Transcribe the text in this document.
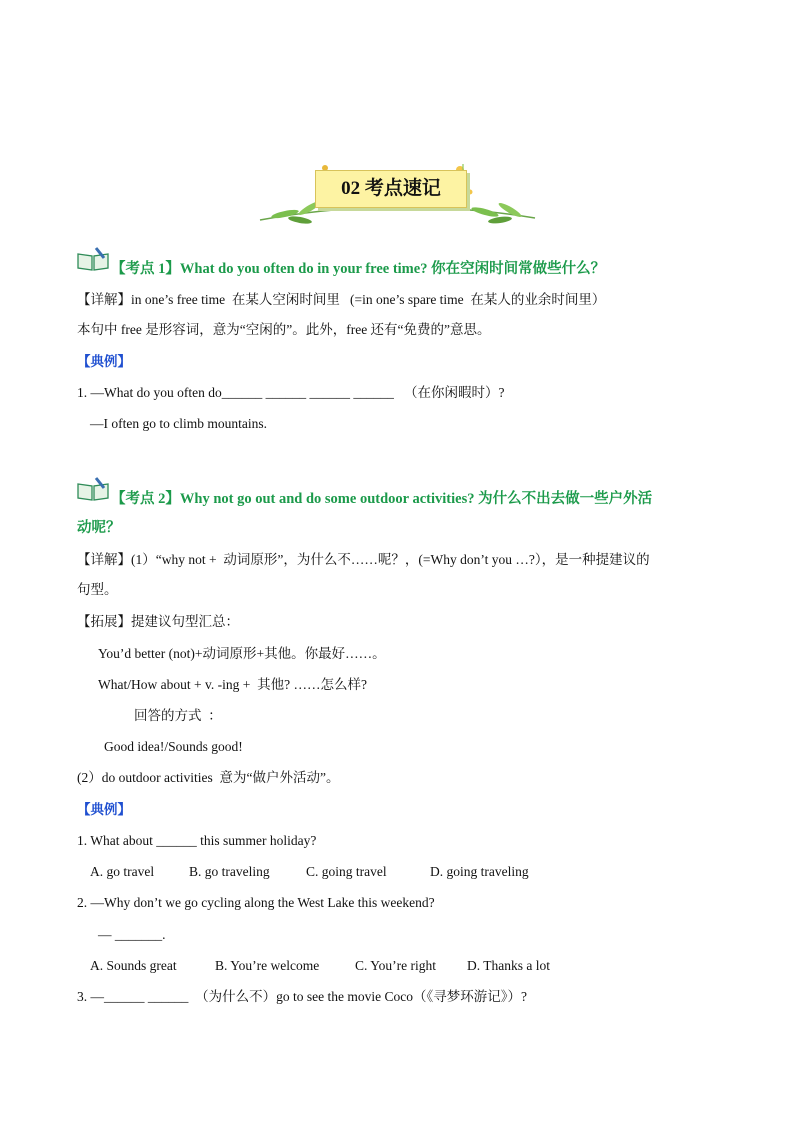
02 考点速记
【考点 1】What do you often do in your free time? 你在空闲时间常做些什么？
【详解】in one’s free time  在某人空闲时间里   (=in one’s spare time  在某人的业余时间里）
本句中 free 是形容词，意为“空闲的”。此外，free 还有“免费的”意思。
【典例】
1. —What do you often do______ ______ ______ ______   （在你闲暇时）?
—I often go to climb mountains.
【考点 2】Why not go out and do some outdoor activities? 为什么不出去做一些户外活
动呢？
【详解】(1）“why not +  动词原形”，为什么不……呢？，(=Why don’t you …?），是一种提建议的
句型。
【拓展】提建议句型汇总：
You’d better (not)+动词原形+其他。你最好……。
What/How about + v. -ing +  其他? ……怎么样?
回答的方式  ：
Good idea!/Sounds good!
(2）do outdoor activities  意为“做户外活动”。
【典例】
1. What about ______ this summer holiday?
A. go travel	B. go traveling	C. going travel	D. going traveling
2. —Why don’t we go cycling along the West Lake this weekend?
— _______.
A. Sounds great	B. You’re welcome	C. You’re right D. Thanks a lot
3. —______ ______  （为什么不）go to see the movie Coco（《寻梦环游记》）?
